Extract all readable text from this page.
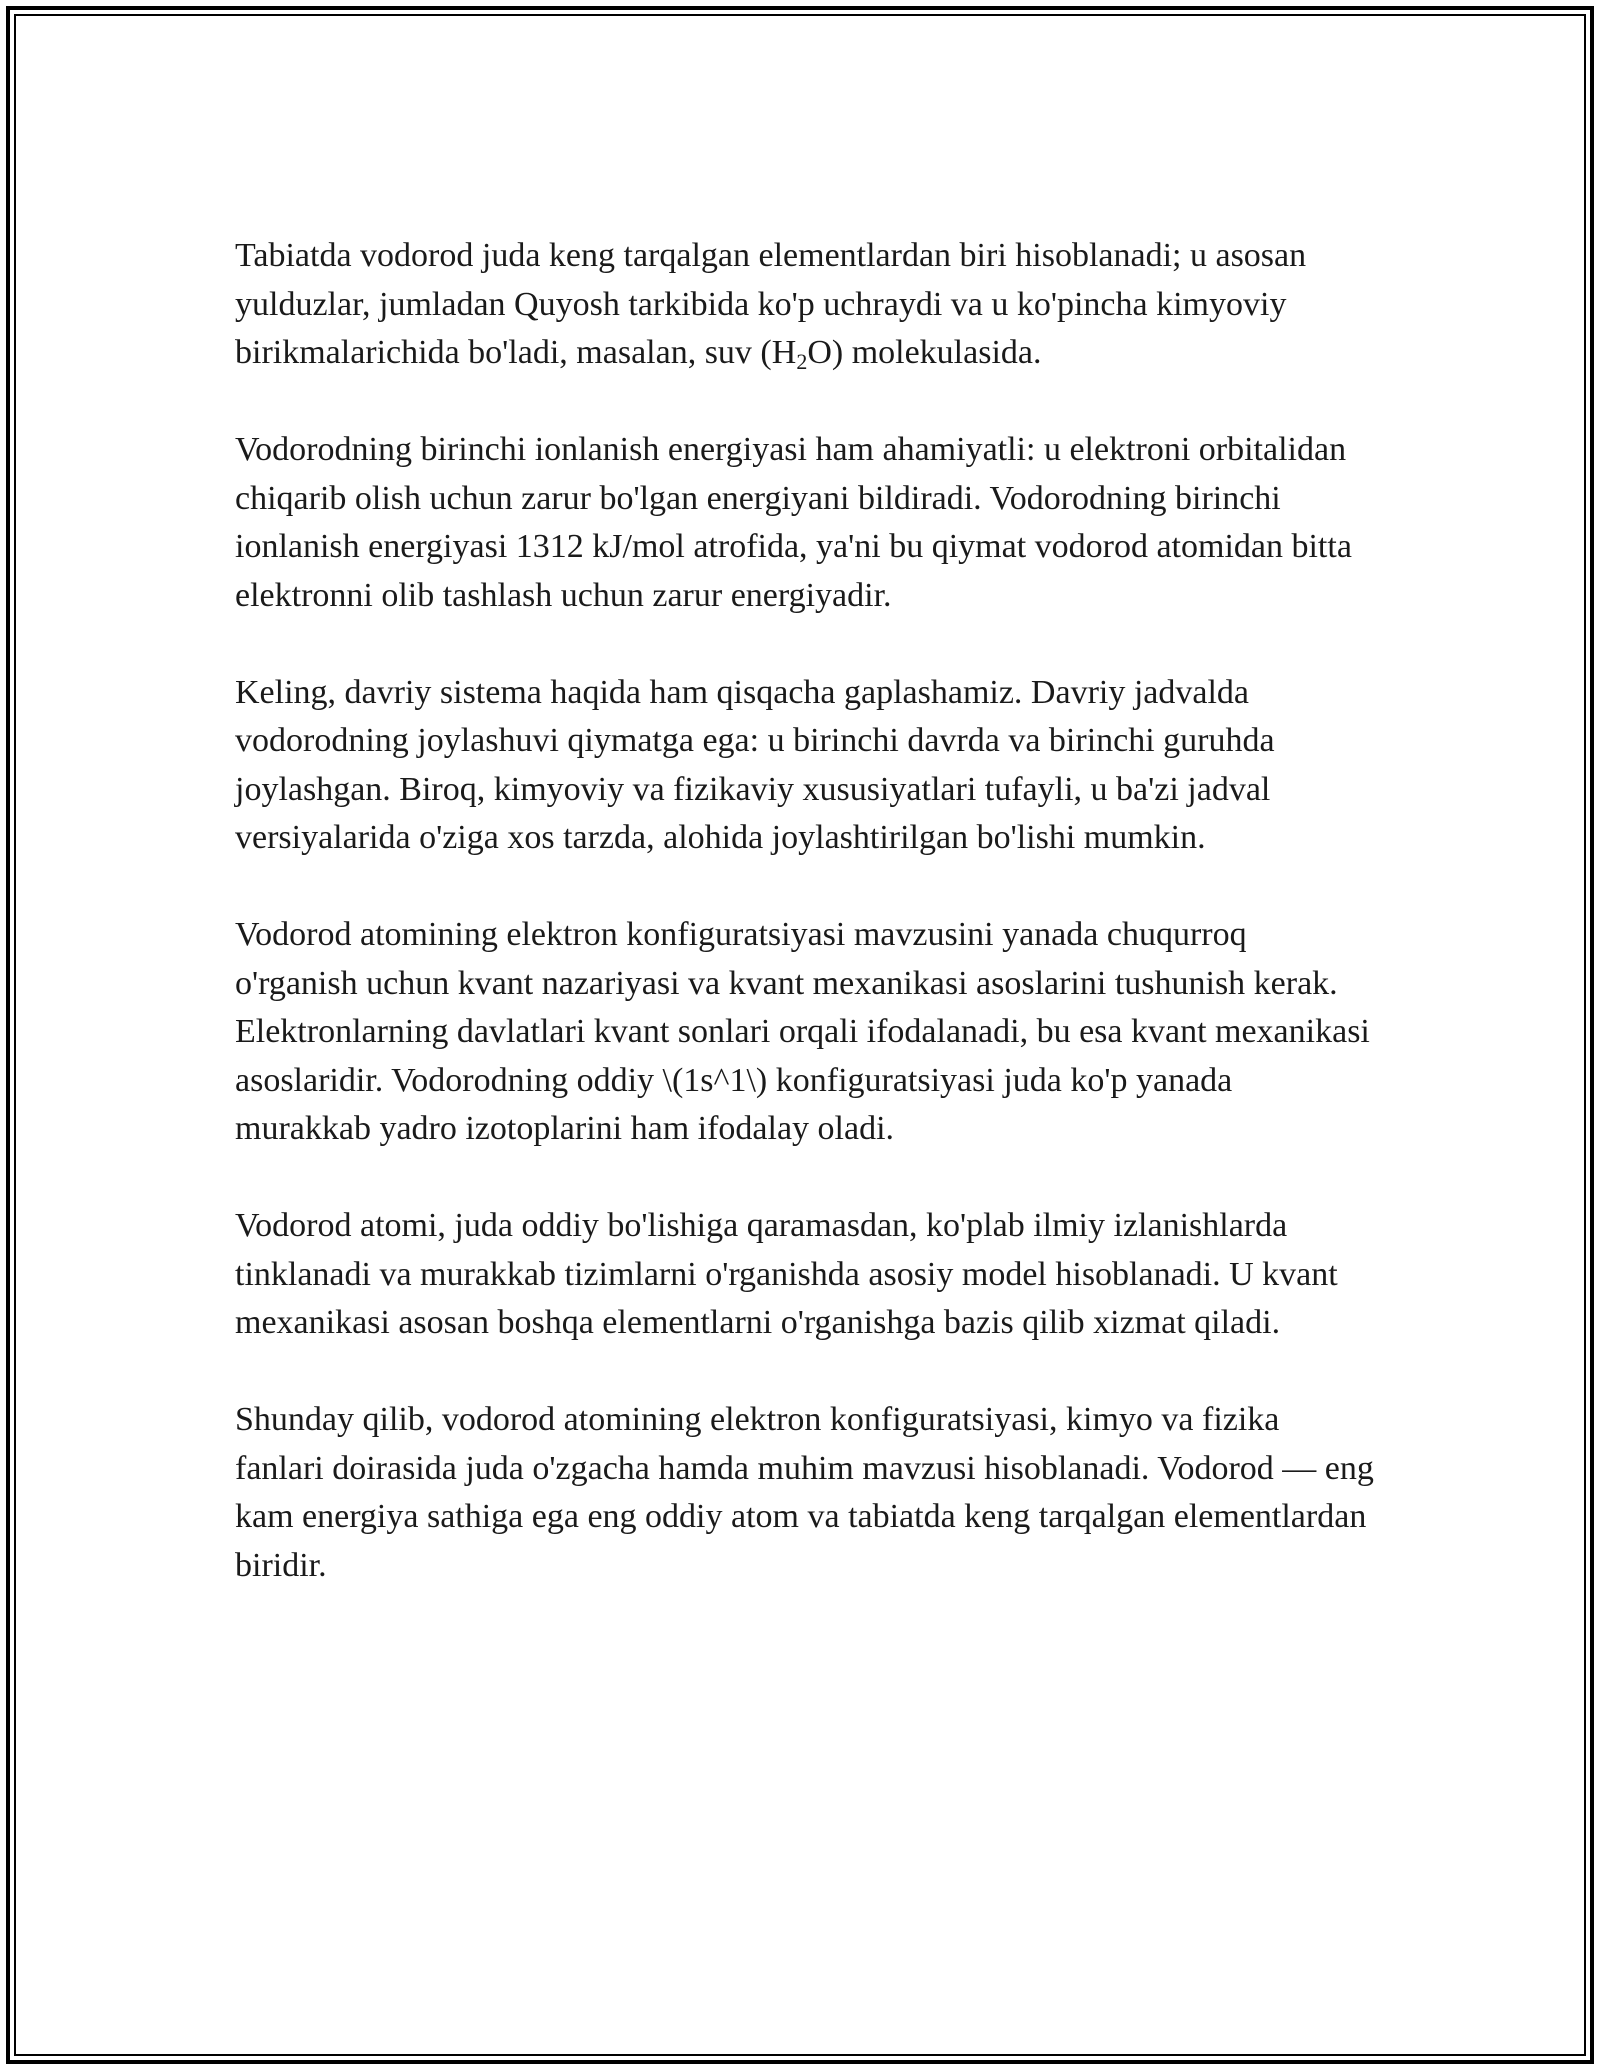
Tabiatda vodorod juda keng tarqalgan elementlardan biri hisoblanadi; u asosan yulduzlar, jumladan Quyosh tarkibida ko'p uchraydi va u ko'pincha kimyoviy birikmalarichida bo'ladi, masalan, suv $(H_2O)$ molekulasida.

Vodorodning birinchi ionlanish energiyasi ham ahamiyatli: u elektroni orbitalidan chiqarib olish uchun zarur bo'lgan energiyani bildiradi. Vodorodning birinchi ionlanish energiyasi 1312 kJ/mol atrofida, ya'ni bu qiymat vodorod atomidan bitta elektronni olib tashlash uchun zarur energiyadir.

Keling, davriy sistema haqida ham qisqacha gaplashamiz. Davriy jadvalda vodorodning joylashuvi qiymatga ega: u birinchi davrda va birinchi guruhda joylashgan. Biroq, kimyoviy va fizikaviy xususiyatlari tufayli, u ba'zi jadval versiyalarida o'ziga xos tarzda, alohida joylashtirilgan bo'lishi mumkin.

Vodorod atomining elektron konfiguratsiyasi mavzusini yanada chuqurroq o'rganish uchun kvant nazariyasi va kvant mexanikasi asoslarini tushunish kerak. Elektronlarning davlatlari kvant sonlari orqali ifodalanadi, bu esa kvant mexanikasi asoslaridir. Vodorodning oddiy \(1s^1\) konfiguratsiyasi juda ko'p yanada murakkab yadro izotoplarini ham ifodalay oladi.

Vodorod atomi, juda oddiy bo'lishiga qaramasdan, ko'plab ilmiy izlanishlarda tinklanadi va murakkab tizimlarni o'rganishda asosiy model hisoblanadi. U kvant mexanikasi asosan boshqa elementlarni o'rganishga bazis qilib xizmat qiladi.

Shunday qilib, vodorod atomining elektron konfiguratsiyasi, kimyo va fizika fanlari doirasida juda o'zgacha hamda muhim mavzusi hisoblanadi. Vodorod — eng kam energiya sathiga ega eng oddiy atom va tabiatda keng tarqalgan elementlardan biridir.
